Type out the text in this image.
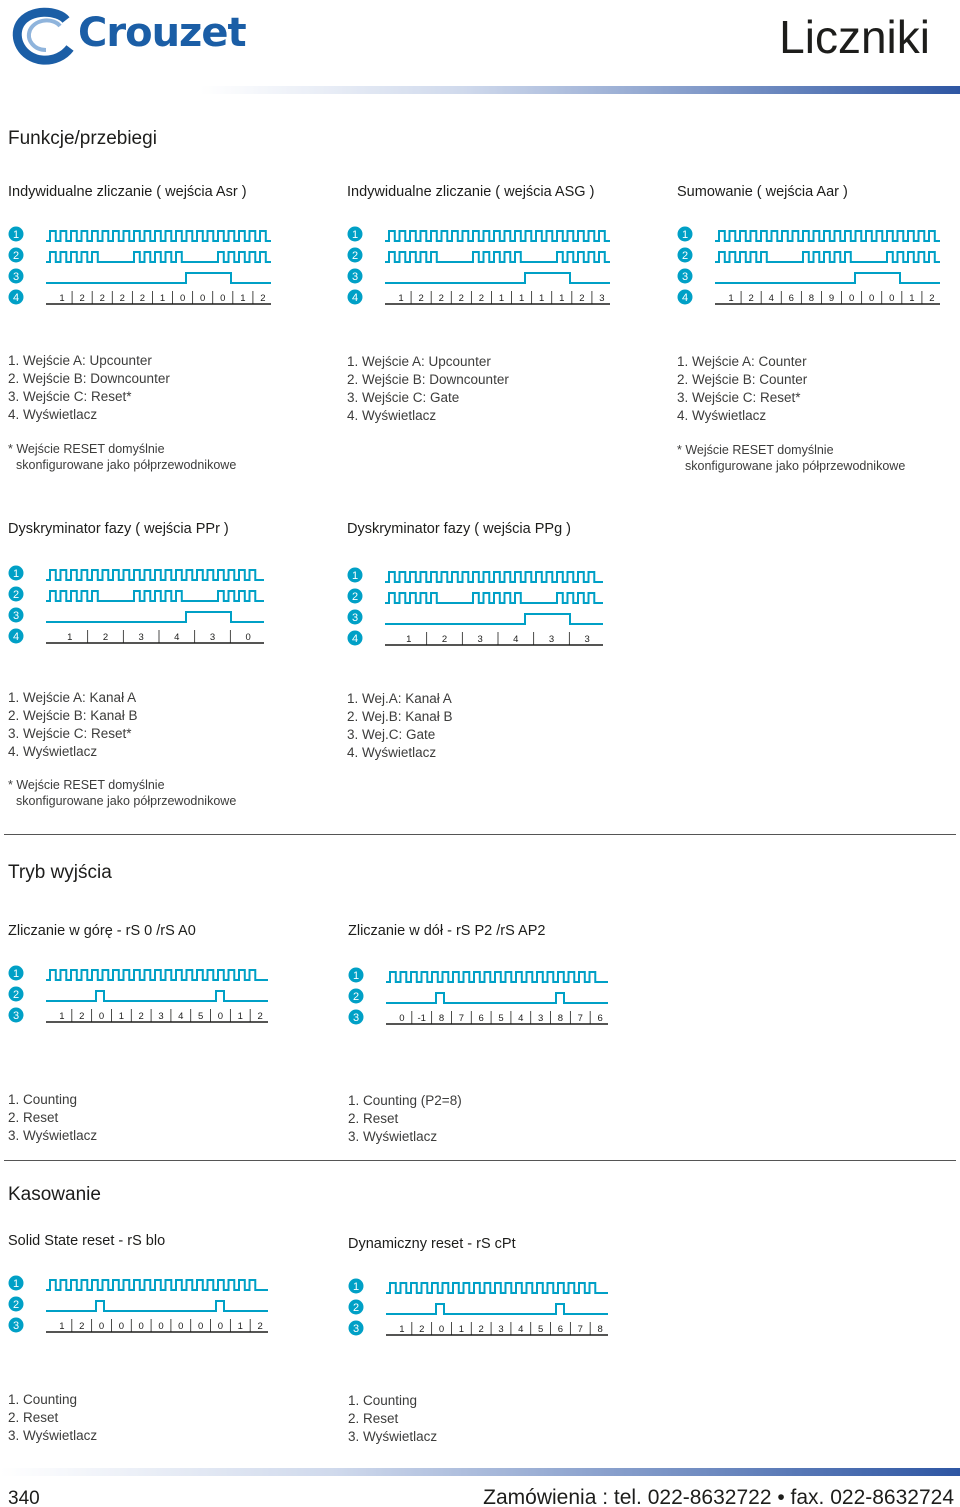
Crouzet	Liczniki
Funkcje/przebiegi
Indywidualne zliczanie ( wejścia Asr )	Indywidualne zliczanie ( wejścia ASG )	Sumowanie ( wejścia Aar )
1
2
3
4	1 2 2 2 2 1 0 0 0 1 2
1
2
3
4	1 2 2 2 2 1 1 1 1 2 3
1
2
3
4	1 2 4 6 8 9 0 0 0 1 2
1. Wejście A: Upcounter
2. Wejście B: Downcounter
3. Wejście C: Reset*
4. Wyświetlacz
1. Wejście A: Upcounter
2. Wejście B: Downcounter
3. Wejście C: Gate
4. Wyświetlacz
1. Wejście A: Counter
2. Wejście B: Counter
3. Wejście C: Reset*
4. Wyświetlacz
* Wejście RESET domyślnie
skonfigurowane jako półprzewodnikowe
* Wejście RESET domyślnie
skonfigurowane jako półprzewodnikowe
Dyskryminator fazy ( wejścia PPr )	Dyskryminator fazy ( wejścia PPg )
1
2
3
4	1	2	3	4	3	0
1
2
3
4	1	2	3	4	3	3
1. Wejście A: Kanał A
2. Wejście B: Kanał B
3. Wejście C: Reset*
4. Wyświetlacz
1. Wej.A: Kanał A
2. Wej.B: Kanał B
3. Wej.C: Gate
4. Wyświetlacz
* Wejście RESET domyślnie
skonfigurowane jako półprzewodnikowe
Tryb wyjścia
Zliczanie w górę - rS 0 /rS A0	Zliczanie w dół - rS P2 /rS AP2
1
2
3	1 2 0 1 2 3 4 5 0 1 2
1
2
3	0 -1 8 7 6 5 4 3 8 7 6
1. Counting
2. Reset
3. Wyświetlacz
1. Counting (P2=8)
2. Reset
3. Wyświetlacz
Kasowanie
Solid State reset - rS blo	Dynamiczny reset - rS cPt
1
2
3	1 2 0 0 0 0 0 0 0 1 2
1
2
3	1 2 0 1 2 3 4 5 6 7 8
1. Counting
2. Reset
3. Wyświetlacz
1. Counting
2. Reset
3. Wyświetlacz
340	Zamówienia : tel. 022-8632722 • fax. 022-8632724
